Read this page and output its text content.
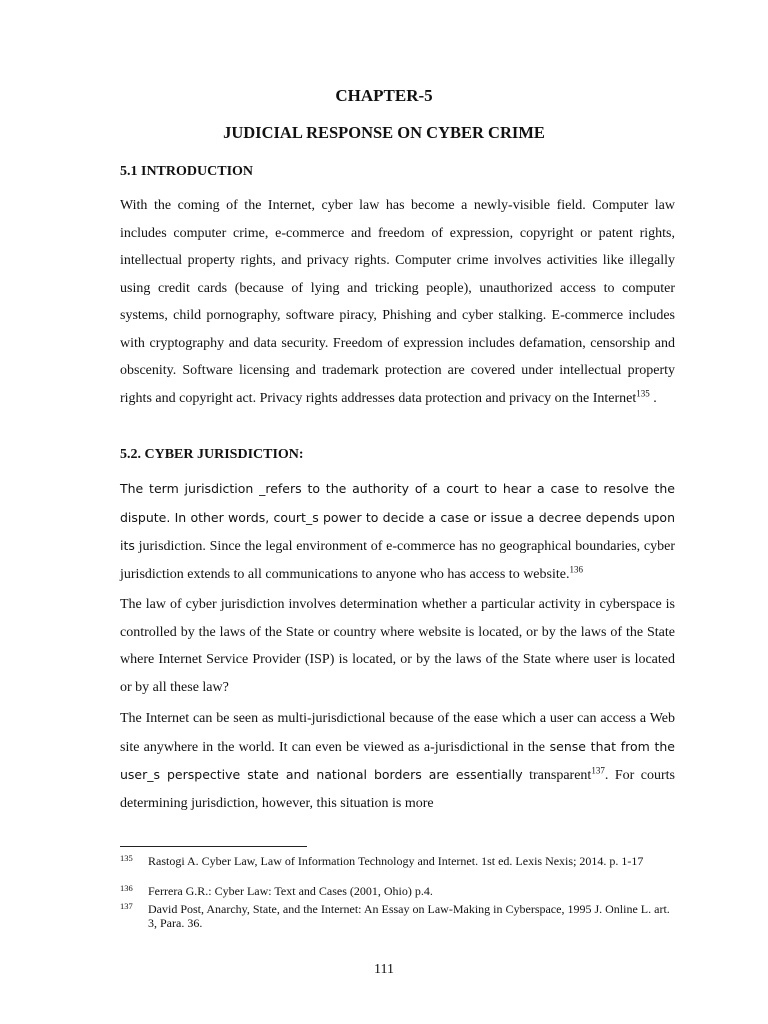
CHAPTER-5
JUDICIAL RESPONSE ON CYBER CRIME
5.1 INTRODUCTION

With the coming of the Internet, cyber law has become a newly-visible field. Computer law includes computer crime, e-commerce and freedom of expression, copyright or patent rights, intellectual property rights, and privacy rights. Computer crime involves activities like illegally using credit cards (because of lying and tricking people), unauthorized access to computer systems, child pornography, software piracy, Phishing and cyber stalking. E-commerce includes with cryptography and data security. Freedom of expression includes defamation, censorship and obscenity. Software licensing and trademark protection are covered under intellectual property rights and copyright act. Privacy rights addresses data protection and privacy on the Internet$^{135}$ .

5.2. CYBER JURISDICTION:

The term jurisdiction _refers to the authority of a court to hear a case to resolve the dispute. In other words, court_s power to decide a case or issue a decree depends upon its jurisdiction. Since the legal environment of e-commerce has no geographical boundaries, cyber jurisdiction extends to all communications to anyone who has access to website.$^{136}$

The law of cyber jurisdiction involves determination whether a particular activity in cyberspace is controlled by the laws of the State or country where website is located, or by the laws of the State where Internet Service Provider (ISP) is located, or by the laws of the State where user is located or by all these law?

The Internet can be seen as multi-jurisdictional because of the ease which a user can access a Web site anywhere in the world. It can even be viewed as a-jurisdictional in the sense that from the user_s perspective state and national borders are essentially transparent$^{137}$. For courts determining jurisdiction, however, this situation is more

135 Rastogi A. Cyber Law, Law of Information Technology and Internet. 1st ed. Lexis Nexis; 2014. p. 1-17
136 Ferrera G.R.: Cyber Law: Text and Cases (2001, Ohio) p.4.
137 David Post, Anarchy, State, and the Internet: An Essay on Law-Making in Cyberspace, 1995 J. Online L. art. 3, Para. 36.
111
